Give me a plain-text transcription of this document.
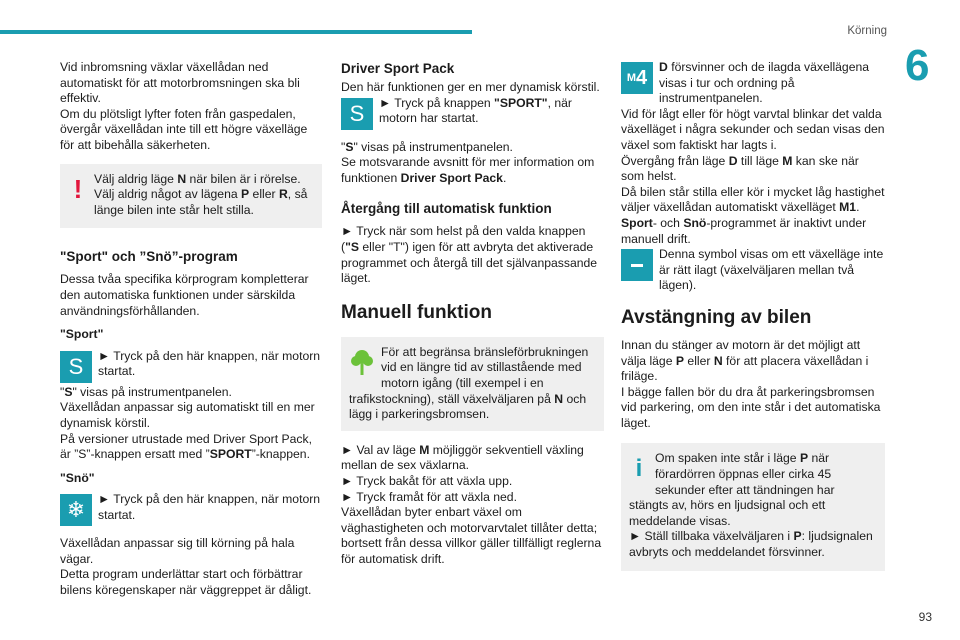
Körning
6

Vid inbromsning växlar växellådan ned automatiskt för att motorbromsningen ska bli effektiv.

Om du plötsligt lyfter foten från gaspedalen, övergår växellådan inte till ett högre växelläge för att bibehålla säkerheten.

! Välj aldrig läge N när bilen är i rörelse.

Välj aldrig något av lägena P eller R, så länge bilen inte står helt stilla.

"Sport" och ”Snö”-program

Dessa tvåa specifika körprogram kompletterar den automatiska funktionen under särskilda användningsförhållanden.

"Sport"

S	► Tryck på den här knappen, när motorn startat.

"S" visas på instrumentpanelen.

Växellådan anpassar sig automatiskt till en mer dynamisk körstil.

På versioner utrustade med Driver Sport Pack, är ”S”-knappen ersatt med ”SPORT”-knappen.

"Snö"

❄	► Tryck på den här knappen, när motorn startat.

Växellådan anpassar sig till körning på hala vägar.

Detta program underlättar start och förbättrar bilens köregenskaper när väggreppet är dåligt.

Driver Sport Pack

Den här funktionen ger en mer dynamisk körstil.

S	► Tryck på knappen "SPORT", när motorn har startat.

"S" visas på instrumentpanelen.

Se motsvarande avsnitt för mer information om funktionen Driver Sport Pack.

Återgång till automatisk funktion

► Tryck när som helst på den valda knappen ("S eller "T") igen för att avbryta det aktiverade programmet och återgå till det självanpassande läget.

Manuell funktion

För att begränsa bränsleförbrukningen vid en längre tid av stillastående med motorn igång (till exempel i en trafikstockning), ställ växelväljaren på N och lägg i parkeringsbromsen.

► Val av läge M möjliggör sekventiell växling mellan de sex växlarna.

► Tryck bakåt för att växla upp.

► Tryck framåt för att växla ned.

Växellådan byter enbart växel om väghastigheten och motorvarvtalet tillåter detta; bortsett från dessa villkor gäller tillfälligt reglerna för automatisk drift.

M 4 D försvinner och de ilagda växellägena visas i tur och ordning på instrumentpanelen.

Vid för lågt eller för högt varvtal blinkar det valda växelläget i några sekunder och sedan visas den växel som faktiskt har lagts i.

Övergång från läge D till läge M kan ske när som helst.

Då bilen står stilla eller kör i mycket låg hastighet väljer växellådan automatiskt växelläget M1.

Sport- och Snö-programmet är inaktivt under manuell drift.

Denna symbol visas om ett växelläge inte är rätt ilagt (växelväljaren mellan två lägen).

Avstängning av bilen

Innan du stänger av motorn är det möjligt att välja läge P eller N för att placera växellådan i friläge.

I bägge fallen bör du dra åt parkeringsbromsen vid parkering, om den inte står i det automatiska läget.

i	Om spaken inte står i läge P när förardörren öppnas eller cirka 45 sekunder efter att tändningen har stängts av, hörs en ljudsignal och ett meddelande visas.

► Ställ tillbaka växelväljaren i P: ljudsignalen avbryts och meddelandet försvinner.

93
